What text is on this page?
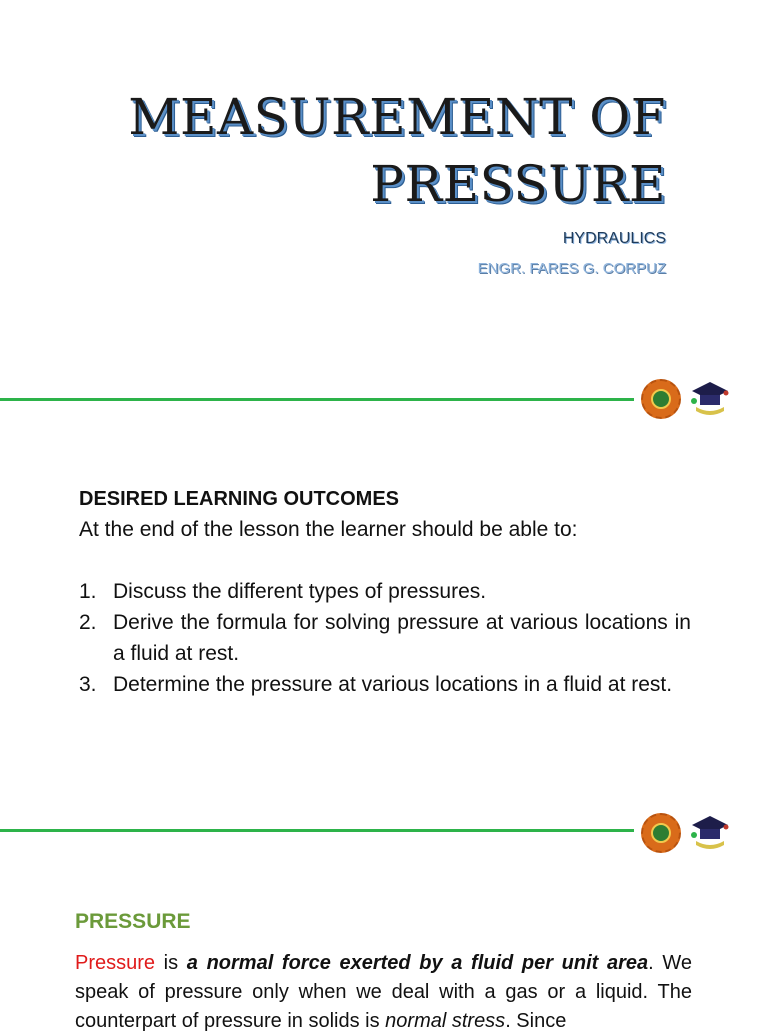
MEASUREMENT OF
PRESSURE
HYDRAULICS
ENGR. FARES G. CORPUZ
DESIRED LEARNING OUTCOMES
At the end of the lesson the learner should be able to:
1. Discuss the different types of pressures.
2. Derive the formula for solving pressure at various locations in a fluid at rest.
3. Determine the pressure at various locations in a fluid at rest.
PRESSURE
Pressure is a normal force exerted by a fluid per unit area. We speak of pressure only when we deal with a gas or a liquid. The counterpart of pressure in solids is normal stress. Since
